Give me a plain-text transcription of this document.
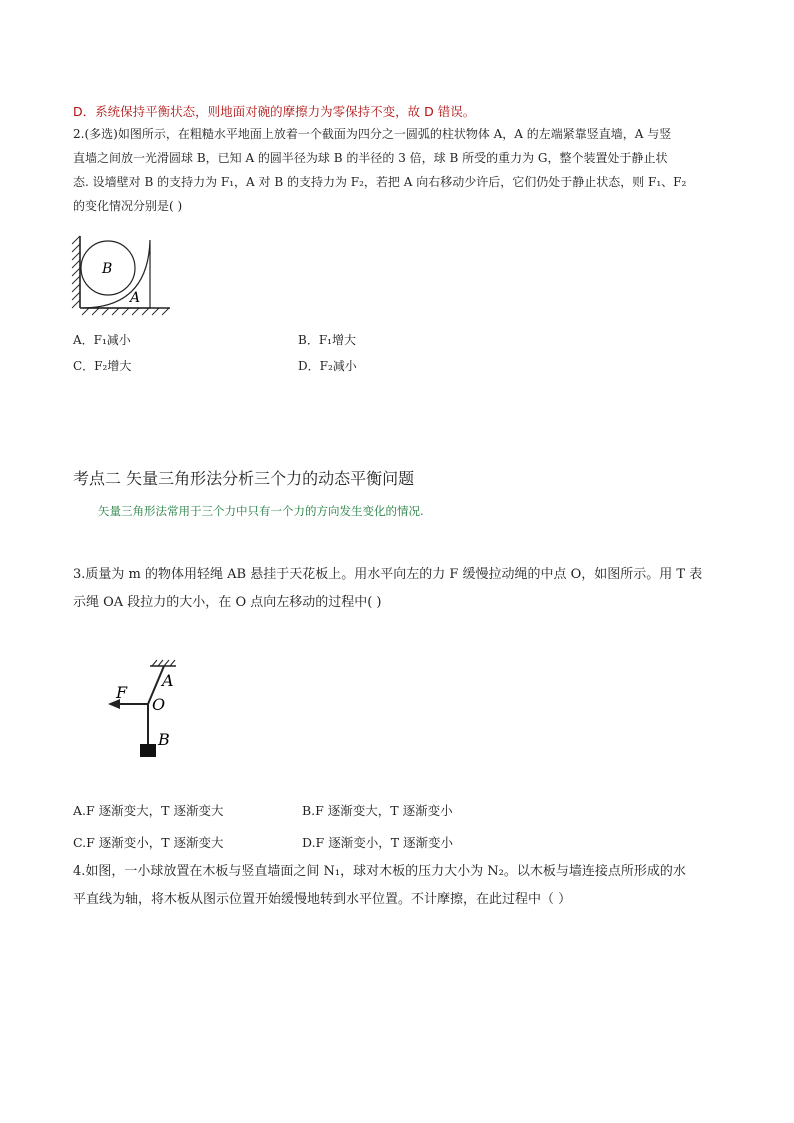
D．系统保持平衡状态，则地面对碗的摩擦力为零保持不变，故 D 错误。
2.(多选)如图所示，在粗糙水平地面上放着一个截面为四分之一圆弧的柱状物体 A，A 的左端紧靠竖直墙，A 与竖
直墙之间放一光滑圆球 B，已知 A 的圆半径为球 B 的半径的 3 倍，球 B 所受的重力为 G，整个装置处于静止状
态. 设墙壁对 B 的支持力为 F₁，A 对 B 的支持力为 F₂，若把 A 向右移动少许后，它们仍处于静止状态，则 F₁、F₂
的变化情况分别是( )
B
A
A．F₁减小	B．F₁增大
C．F₂增大	D．F₂减小
考点二 矢量三角形法分析三个力的动态平衡问题
矢量三角形法常用于三个力中只有一个力的方向发生变化的情况.
3.质量为 m 的物体用轻绳 AB 悬挂于天花板上。用水平向左的力 F 缓慢拉动绳的中点 O，如图所示。用 T 表
示绳 OA 段拉力的大小，在 O 点向左移动的过程中( )
F
A
O
B
A.F 逐渐变大，T 逐渐变大	B.F 逐渐变大，T 逐渐变小
C.F 逐渐变小，T 逐渐变大	D.F 逐渐变小，T 逐渐变小
4.如图，一小球放置在木板与竖直墙面之间 N₁，球对木板的压力大小为 N₂。以木板与墙连接点所形成的水
平直线为轴，将木板从图示位置开始缓慢地转到水平位置。不计摩擦，在此过程中（ ）
